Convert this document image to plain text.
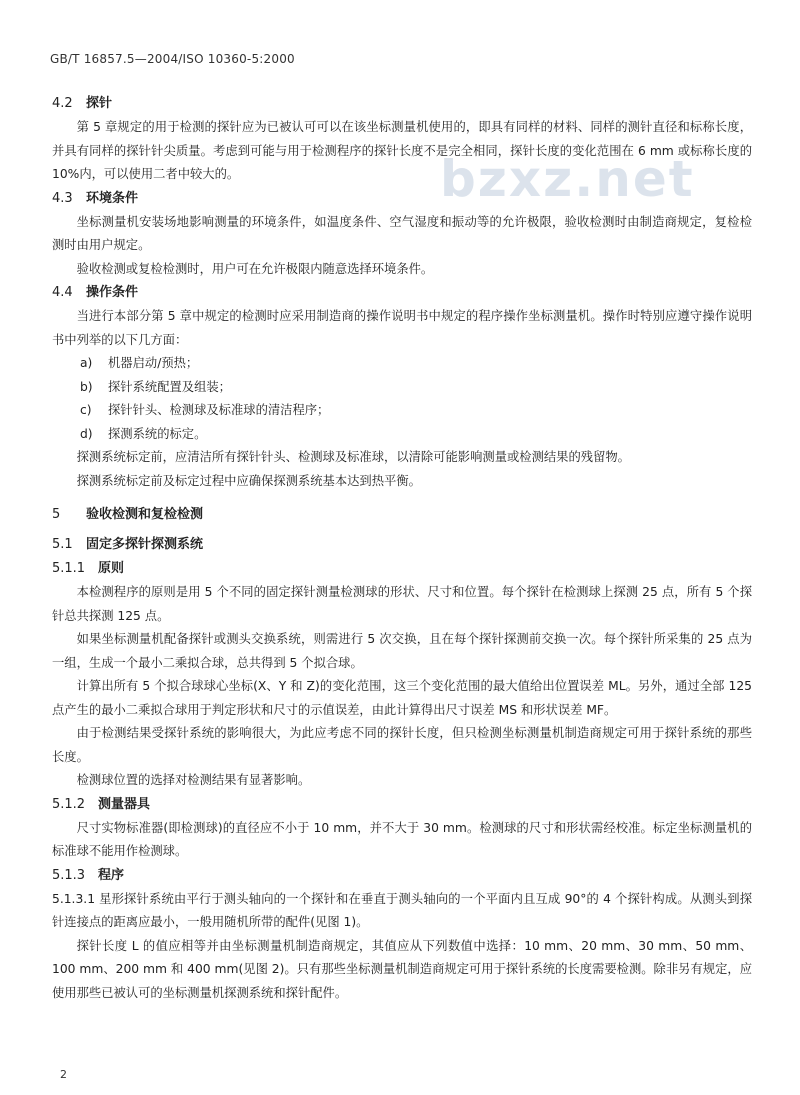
GB/T 16857.5—2004/ISO 10360-5:2000
bzxz.net
4.2 探针

第 5 章规定的用于检测的探针应为已被认可可以在该坐标测量机使用的，即具有同样的材料、同样的测针直径和标称长度，并具有同样的探针针尖质量。考虑到可能与用于检测程序的探针长度不是完全相同，探针长度的变化范围在 6 mm 或标称长度的 10%内，可以使用二者中较大的。

4.3 环境条件

坐标测量机安装场地影响测量的环境条件，如温度条件、空气湿度和振动等的允许极限，验收检测时由制造商规定，复检检测时由用户规定。

验收检测或复检检测时，用户可在允许极限内随意选择环境条件。

4.4 操作条件

当进行本部分第 5 章中规定的检测时应采用制造商的操作说明书中规定的程序操作坐标测量机。操作时特别应遵守操作说明书中列举的以下几方面：

a) 机器启动/预热；

b) 探针系统配置及组装；

c) 探针针头、检测球及标准球的清洁程序；

d) 探测系统的标定。

探测系统标定前，应清洁所有探针针头、检测球及标准球，以清除可能影响测量或检测结果的残留物。

探测系统标定前及标定过程中应确保探测系统基本达到热平衡。

5 验收检测和复检检测
5.1 固定多探针探测系统
5.1.1 原则

本检测程序的原则是用 5 个不同的固定探针测量检测球的形状、尺寸和位置。每个探针在检测球上探测 25 点，所有 5 个探针总共探测 125 点。

如果坐标测量机配备探针或测头交换系统，则需进行 5 次交换，且在每个探针探测前交换一次。每个探针所采集的 25 点为一组，生成一个最小二乘拟合球，总共得到 5 个拟合球。

计算出所有 5 个拟合球球心坐标(X、Y 和 Z)的变化范围，这三个变化范围的最大值给出位置误差 ML。另外，通过全部 125 点产生的最小二乘拟合球用于判定形状和尺寸的示值误差，由此计算得出尺寸误差 MS 和形状误差 MF。

由于检测结果受探针系统的影响很大，为此应考虑不同的探针长度，但只检测坐标测量机制造商规定可用于探针系统的那些长度。

检测球位置的选择对检测结果有显著影响。

5.1.2 测量器具

尺寸实物标准器(即检测球)的直径应不小于 10 mm，并不大于 30 mm。检测球的尺寸和形状需经校准。标定坐标测量机的标准球不能用作检测球。

5.1.3 程序

5.1.3.1 星形探针系统由平行于测头轴向的一个探针和在垂直于测头轴向的一个平面内且互成 90°的 4 个探针构成。从测头到探针连接点的距离应最小，一般用随机所带的配件(见图 1)。

探针长度 L 的值应相等并由坐标测量机制造商规定，其值应从下列数值中选择：10 mm、20 mm、30 mm、50 mm、100 mm、200 mm 和 400 mm(见图 2)。只有那些坐标测量机制造商规定可用于探针系统的长度需要检测。除非另有规定，应使用那些已被认可的坐标测量机探测系统和探针配件。

2
